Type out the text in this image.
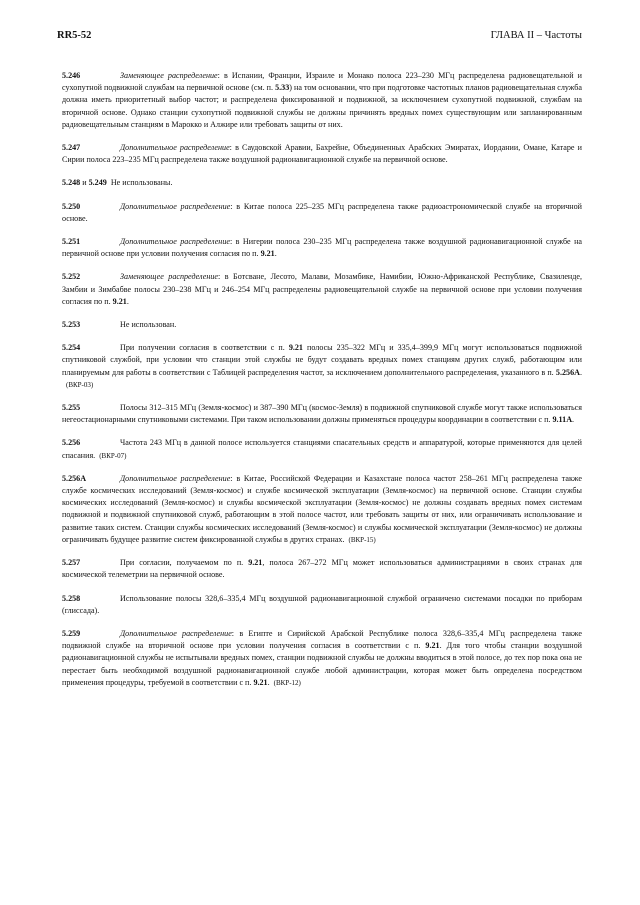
RR5-52	ГЛАВА II – Частоты

5.246	Заменяющее распределение: в Испании, Франции, Израиле и Монако полоса 223–230 МГц распределена радиовещательной и сухопутной подвижной службам на первичной основе (см. п. 5.33) на том основании, что при подготовке частотных планов радиовещательная служба должна иметь приоритетный выбор частот; и распределена фиксированной и подвижной, за исключением сухопутной подвижной, службам на вторичной основе. Однако станции сухопутной подвижной службы не должны причинять вредных помех существующим или запланированным радиовещательным станциям в Марокко и Алжире или требовать защиты от них.

5.247	Дополнительное распределение: в Саудовской Аравии, Бахрейне, Объединенных Арабских Эмиратах, Иордании, Омане, Катаре и Сирии полоса 223–235 МГц распределена также воздушной радионавигационной службе на первичной основе.

5.248 и 5.249 Не использованы.

5.250	Дополнительное распределение: в Китае полоса 225–235 МГц распределена также радиоастрономической службе на вторичной основе.

5.251	Дополнительное распределение: в Нигерии полоса 230–235 МГц распределена также воздушной радионавигационной службе на первичной основе при условии получения согласия по п. 9.21.

5.252	Заменяющее распределение: в Ботсване, Лесото, Малави, Мозамбике, Намибии, Южно-Африканской Республике, Свазиленде, Замбии и Зимбабве полосы 230–238 МГц и 246–254 МГц распределены радиовещательной службе на первичной основе при условии получения согласия по п. 9.21.

5.253	Не использован.

5.254	При получении согласия в соответствии с п. 9.21 полосы 235–322 МГц и 335,4–399,9 МГц могут использоваться подвижной спутниковой службой, при условии что станции этой службы не будут создавать вредных помех станциям других служб, работающим или планируемым для работы в соответствии с Таблицей распределения частот, за исключением дополнительного распределения, указанного в п. 5.256А.(ВКР-03)

5.255	Полосы 312–315 МГц (Земля-космос) и 387–390 МГц (космос-Земля) в подвижной спутниковой службе могут также использоваться негеостационарными спутниковыми системами. При таком использовании должны применяться процедуры координации в соответствии с п. 9.11А.

5.256	Частота 243 МГц в данной полосе используется станциями спасательных средств и аппаратурой, которые применяются для целей спасания. (ВКР-07)

5.256А	Дополнительное распределение: в Китае, Российской Федерации и Казахстане полоса частот 258–261 МГц распределена также службе космических исследований (Земля-космос) и службе космической эксплуатации (Земля-космос) на первичной основе. Станции службы космических исследований (Земля-космос) и службы космической эксплуатации (Земля-космос) не должны создавать вредных помех системам подвижной и подвижной спутниковой служб, работающим в этой полосе частот, или требовать защиты от них, или ограничивать использование и развитие таких систем. Станции службы космических исследований (Земля-космос) и службы космической эксплуатации (Земля-космос) не должны ограничивать будущее развитие систем фиксированной службы в других странах. (ВКР-15)

5.257	При согласии, получаемом по п. 9.21, полоса 267–272 МГц может использоваться администрациями в своих странах для космической телеметрии на первичной основе.

5.258	Использование полосы 328,6–335,4 МГц воздушной радионавигационной службой ограничено системами посадки по приборам (глиссада).

5.259	Дополнительное распределение: в Египте и Сирийской Арабской Республике полоса 328,6–335,4 МГц распределена также подвижной службе на вторичной основе при условии получения согласия в соответствии с п. 9.21. Для того чтобы станции воздушной радионавигационной службы не испытывали вредных помех, станции подвижной службы не должны вводиться в этой полосе, до тех пор пока она не перестает быть необходимой воздушной радионавигационной службе любой администрации, которая может быть определена посредством применения процедуры, требуемой в соответствии с п. 9.21. (ВКР-12)
